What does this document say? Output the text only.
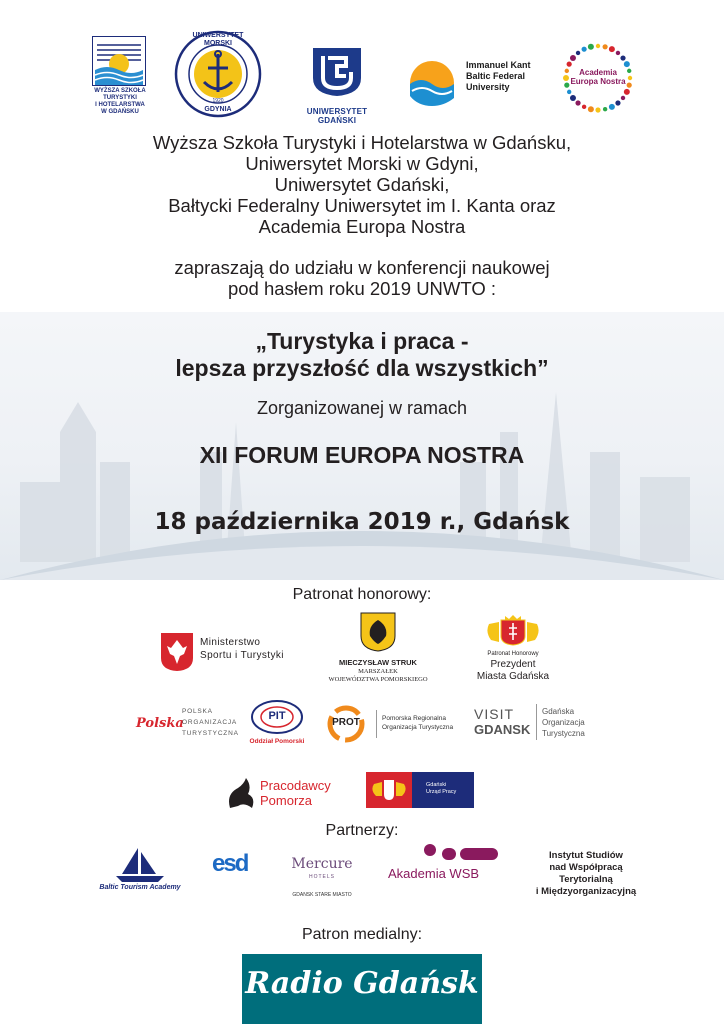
WYŻSZA SZKOŁA
TURYSTYKI
I HOTELARSTWA
W GDAŃSKU
UNIWERSYTET MORSKI
GDYNIA
1920
UNIWERSYTET GDAŃSKI
Immanuel Kant
Baltic Federal
University
Academia
Europa Nostra
Wyższa Szkoła Turystyki i Hotelarstwa w Gdańsku,
Uniwersytet Morski w Gdyni,
Uniwersytet Gdański,
Bałtycki Federalny Uniwersytet im I. Kanta oraz
Academia Europa Nostra
zapraszają do udziału w konferencji naukowej
pod hasłem roku 2019 UNWTO :
„Turystyka i praca -
lepsza przyszłość dla wszystkich”
Zorganizowanej w ramach
XII FORUM EUROPA NOSTRA
18 października 2019 r., Gdańsk
Patronat honorowy:
Ministerstwo
Sportu i Turystyki
MIECZYSŁAW STRUK
MARSZAŁEK
WOJEWÓDZTWA POMORSKIEGO
Patronat Honorowy
Prezydent
Miasta Gdańska
Polska
POLSKA
ORGANIZACJA
TURYSTYCZNA
PIT
Oddział Pomorski
PROT	Pomorska Regionalna
Organizacja Turystyczna
VISIT
GDANSK
Gdańska
Organizacja
Turystyczna
Pracodawcy
Pomorza
Gdański
Urząd Pracy
Partnerzy:
Baltic Tourism Academy
esd	Mercure
HOTELS
GDANSK STARE MIASTO
Akademia WSB
Instytut Studiów
nad Współpracą
Terytorialną
i Międzyorganizacyjną
Patron medialny:
Radio Gdańsk
